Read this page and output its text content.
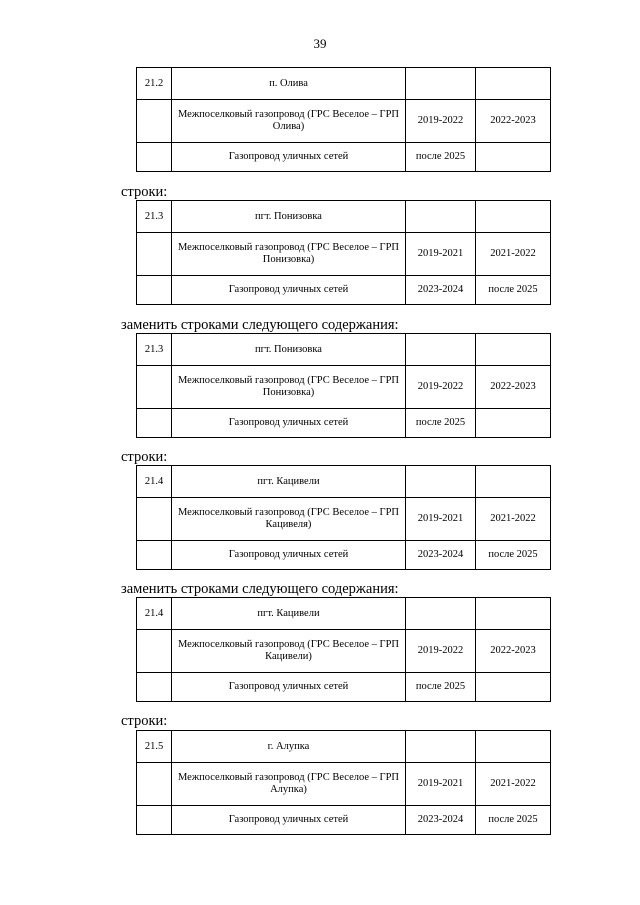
39
21.2	п. Олива		
	Межпоселковый газопровод (ГРС Веселое – ГРП Олива)	2019-2022	2022-2023
	Газопровод уличных сетей	после 2025	
строки:
21.3	пгт. Понизовка		
	Межпоселковый газопровод (ГРС Веселое – ГРП Понизовка)	2019-2021	2021-2022
	Газопровод уличных сетей	2023-2024	после 2025
заменить строками следующего содержания:
21.3	пгт. Понизовка		
	Межпоселковый газопровод (ГРС Веселое – ГРП Понизовка)	2019-2022	2022-2023
	Газопровод уличных сетей	после 2025	
строки:
21.4	пгт. Кацивели		
	Межпоселковый газопровод (ГРС Веселое – ГРП Кацивеля)	2019-2021	2021-2022
	Газопровод уличных сетей	2023-2024	после 2025
заменить строками следующего содержания:
21.4	пгт. Кацивели		
	Межпоселковый газопровод (ГРС Веселое – ГРП Кацивели)	2019-2022	2022-2023
	Газопровод уличных сетей	после 2025	
строки:
21.5	г. Алупка		
	Межпоселковый газопровод (ГРС Веселое – ГРП Алупка)	2019-2021	2021-2022
	Газопровод уличных сетей	2023-2024	после 2025
